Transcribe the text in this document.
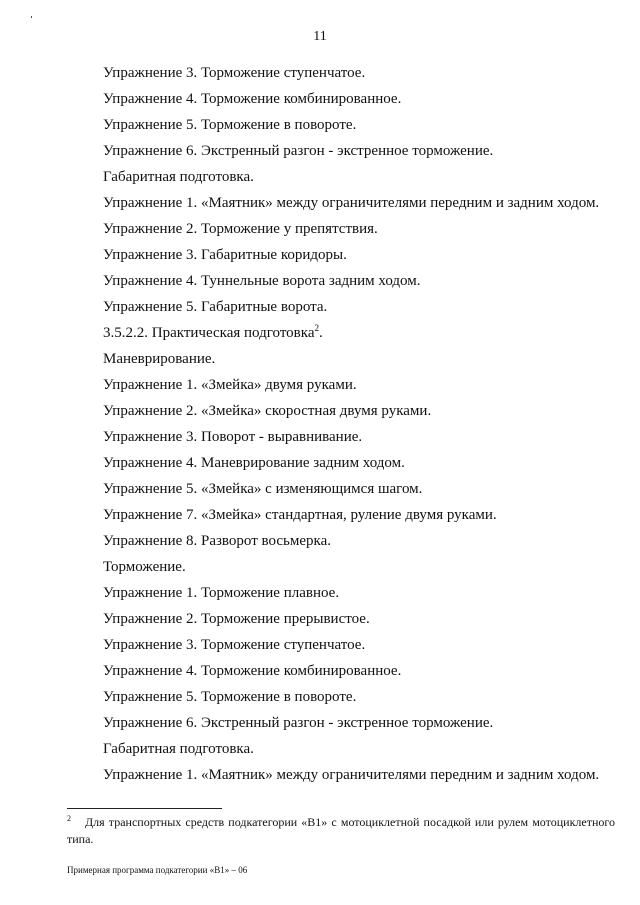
11
Упражнение 3. Торможение ступенчатое.
Упражнение 4. Торможение комбинированное.
Упражнение 5. Торможение в повороте.
Упражнение 6. Экстренный разгон - экстренное торможение.
Габаритная подготовка.
Упражнение 1. «Маятник» между ограничителями передним и задним ходом.
Упражнение 2. Торможение у препятствия.
Упражнение 3. Габаритные коридоры.
Упражнение 4. Туннельные ворота задним ходом.
Упражнение 5. Габаритные ворота.
3.5.2.2. Практическая подготовка$^2$.
Маневрирование.
Упражнение 1. «Змейка» двумя руками.
Упражнение 2. «Змейка» скоростная двумя руками.
Упражнение 3. Поворот - выравнивание.
Упражнение 4. Маневрирование задним ходом.
Упражнение 5. «Змейка» с изменяющимся шагом.
Упражнение 7. «Змейка» стандартная, руление двумя руками.
Упражнение 8. Разворот восьмерка.
Торможение.
Упражнение 1. Торможение плавное.
Упражнение 2. Торможение прерывистое.
Упражнение 3. Торможение ступенчатое.
Упражнение 4. Торможение комбинированное.
Упражнение 5. Торможение в повороте.
Упражнение 6. Экстренный разгон - экстренное торможение.
Габаритная подготовка.
Упражнение 1. «Маятник» между ограничителями передним и задним ходом.
$^2$ Для транспортных средств подкатегории «В1» с мотоциклетной посадкой или рулем мотоциклетного типа.
Примерная программа подкатегории «В1» – 06
